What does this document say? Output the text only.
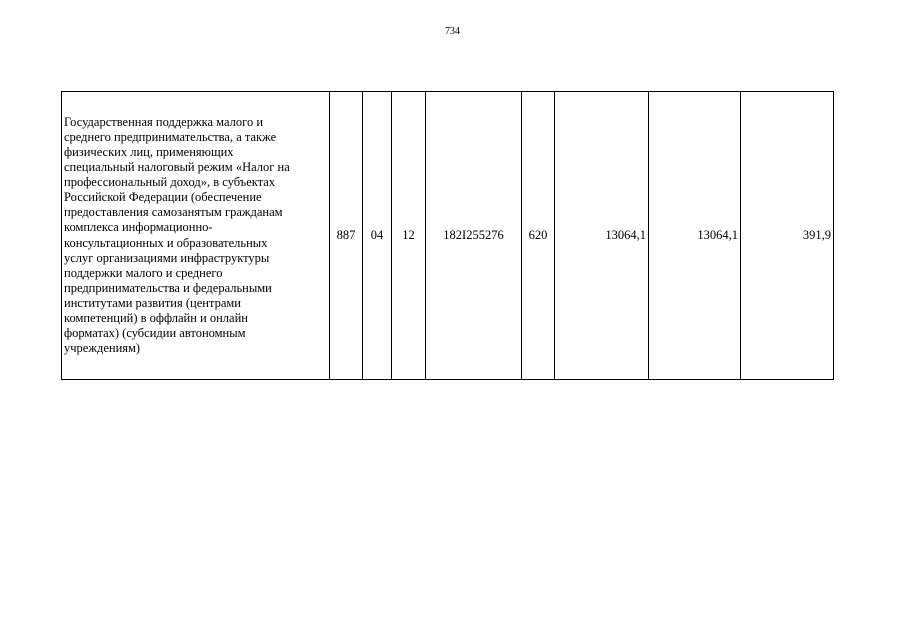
734
Государственная поддержка малого и
среднего предпринимательства, а также
физических лиц, применяющих
специальный налоговый режим «Налог на
профессиональный доход», в субъектах
Российской Федерации (обеспечение
предоставления самозанятым гражданам
комплекса информационно-
консультационных и образовательных
услуг организациями инфраструктуры
поддержки малого и среднего
предпринимательства и федеральными
институтами развития (центрами
компетенций) в оффлайн и онлайн
форматах) (субсидии автономным
учреждениям)
	887	04	12	182I255276	620	13064,1	13064,1	391,9
